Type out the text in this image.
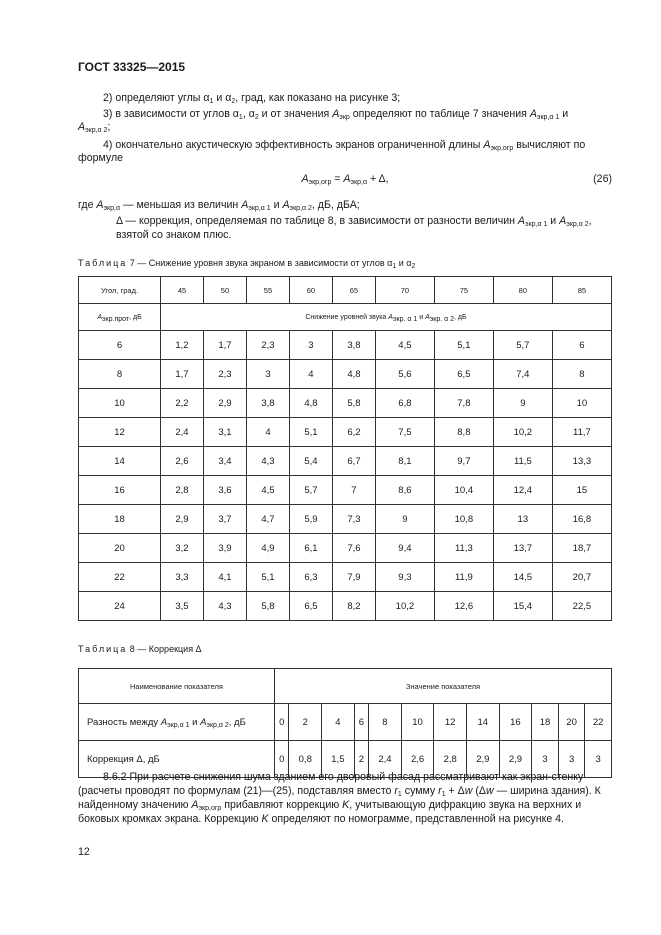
ГОСТ 33325—2015
2) определяют углы $\alpha_1$ и $\alpha_2$, град, как показано на рисунке 3;
3) в зависимости от углов $\alpha_1$, $\alpha_2$ и от значения $A_{экр}$ определяют по таблице 7 значения $A_{экр,\alpha 1}$ и
$A_{экр,\alpha 2}$;
4) окончательно акустическую эффективность экранов ограниченной длины $A_{экр,огр}$ вычисляют по формуле
$A_{экр,огр} = A_{экр,\alpha} + \Delta$,	(26)
где $A_{экр,\alpha}$ — меньшая из величин $A_{экр,\alpha 1}$ и $A_{экр,\alpha 2}$, дБ, дБА;
Δ — коррекция, определяемая по таблице 8, в зависимости от разности величин $A_{экр,\alpha 1}$ и $A_{экр,\alpha 2}$,
взятой со знаком плюс.
Таблица 7 — Снижение уровня звука экраном в зависимости от углов $\alpha_1$ и $\alpha_2$
Угол, град.	45	50	55	60	65	70	75	80	85
$A_{экр.прот}$, дБ	Снижение уровней звука $A_{экр. \alpha 1}$ и $A_{экр. \alpha 2}$, дБ								
6	1,2	1,7	2,3	3	3,8	4,5	5,1	5,7	6
8	1,7	2,3	3	4	4,8	5,6	6,5	7,4	8
10	2,2	2,9	3,8	4,8	5,8	6,8	7,8	9	10
12	2,4	3,1	4	5,1	6,2	7,5	8,8	10,2	11,7
14	2,6	3,4	4,3	5,4	6,7	8,1	9,7	11,5	13,3
16	2,8	3,6	4,5	5,7	7	8,6	10,4	12,4	15
18	2,9	3,7	4,7	5,9	7,3	9	10,8	13	16,8
20	3,2	3,9	4,9	6,1	7,6	9,4	11,3	13,7	18,7
22	3,3	4,1	5,1	6,3	7,9	9,3	11,9	14,5	20,7
24	3,5	4,3	5,8	6,5	8,2	10,2	12,6	15,4	22,5
Таблица 8 — Коррекция Δ
Наименование показателя	Значение показателя											
Разность между $A_{экр,\alpha 1}$ и $A_{экр,\alpha 2}$, дБ	0	2	4	6	8	10	12	14	16	18	20	22
Коррекция Δ, дБ	0	0,8	1,5	2	2,4	2,6	2,8	2,9	2,9	3	3	3
8.6.2 При расчете снижения шума зданием его дворовый фасад рассматривают как экран-стенку (расчеты проводят по формулам (21)—(25), подставляя вместо $r_1$ сумму $r_1 + \Delta w$ (Δw — ширина здания). К найденному значению $A_{экр,огр}$ прибавляют коррекцию K, учитывающую дифракцию звука на верхних и боковых кромках экрана. Коррекцию K определяют по номограмме, представленной на рисунке 4.
12
